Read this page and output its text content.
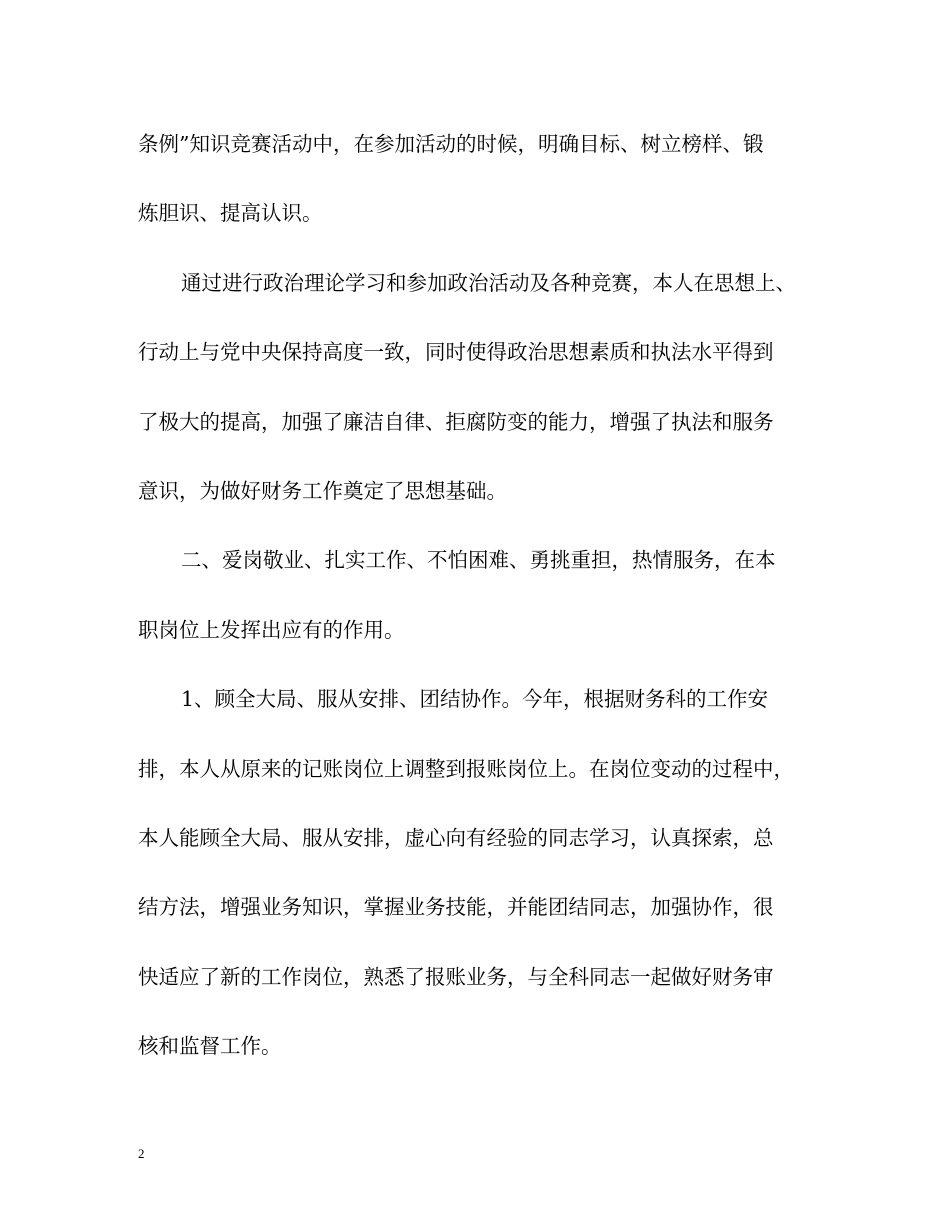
条例”知识竞赛活动中，在参加活动的时候，明确目标、树立榜样、锻
炼胆识、提高认识。
通过进行政治理论学习和参加政治活动及各种竞赛，本人在思想上、
行动上与党中央保持高度一致，同时使得政治思想素质和执法水平得到
了极大的提高，加强了廉洁自律、拒腐防变的能力，增强了执法和服务
意识，为做好财务工作奠定了思想基础。
二、爱岗敬业、扎实工作、不怕困难、勇挑重担，热情服务，在本
职岗位上发挥出应有的作用。
1、顾全大局、服从安排、团结协作。今年，根据财务科的工作安
排，本人从原来的记账岗位上调整到报账岗位上。在岗位变动的过程中，
本人能顾全大局、服从安排，虚心向有经验的同志学习，认真探索，总
结方法，增强业务知识，掌握业务技能，并能团结同志，加强协作，很
快适应了新的工作岗位，熟悉了报账业务，与全科同志一起做好财务审
核和监督工作。
2
